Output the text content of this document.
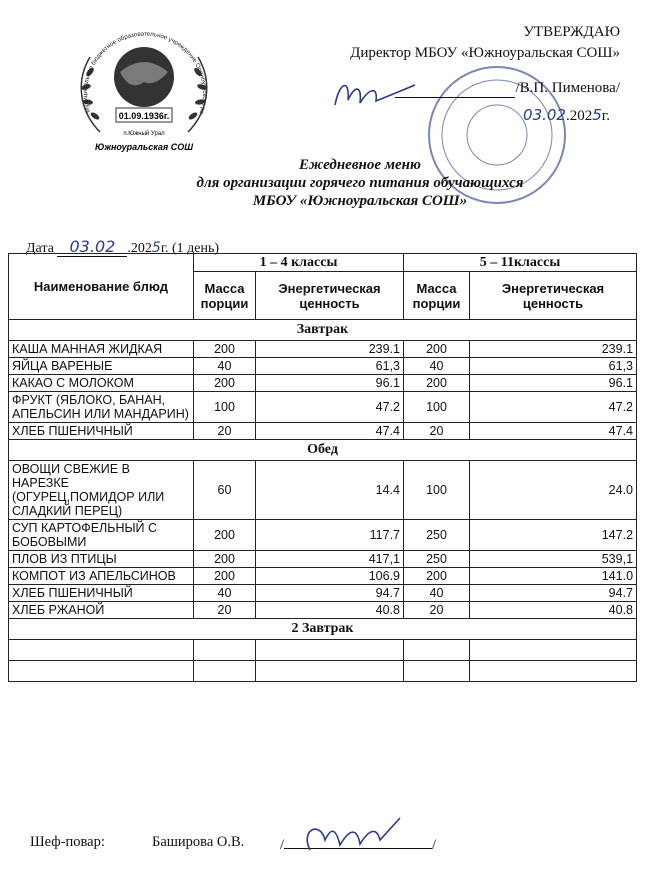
01.09.1936г.
п.Южный Урал
Южноуральская СОШ
Муниципальное бюджетное образовательное учреждение Оренбургского ра
УТВЕРЖДАЮ
Директор МБОУ «Южноуральская СОШ»
/В.П. Пименова/
03.02.2025г.
Ежедневное меню
для организации горячего питания обучающихся
МБОУ «Южноуральская СОШ»
Дата 03.02 .2025г. (1 день)
Наименование блюд	1 – 4 классы		5 – 11классы	
	Масса порции	Энергетическая ценность	Масса порции	Энергетическая ценность
Завтрак				
КАША МАННАЯ ЖИДКАЯ	200	239.1	200	239.1
ЯЙЦА ВАРЕНЫЕ	40	61,3	40	61,3
КАКАО С МОЛОКОМ	200	96.1	200	96.1
ФРУКТ (ЯБЛОКО, БАНАН, АПЕЛЬСИН ИЛИ МАНДАРИН)	100	47.2	100	47.2
ХЛЕБ ПШЕНИЧНЫЙ	20	47.4	20	47.4
Обед				
ОВОЩИ СВЕЖИЕ В НАРЕЗКЕ (ОГУРЕЦ,ПОМИДОР ИЛИ СЛАДКИЙ ПЕРЕЦ)	60	14.4	100	24.0
СУП КАРТОФЕЛЬНЫЙ С БОБОВЫМИ	200	117.7	250	147.2
ПЛОВ ИЗ ПТИЦЫ	200	417,1	250	539,1
КОМПОТ ИЗ АПЕЛЬСИНОВ	200	106.9	200	141.0
ХЛЕБ ПШЕНИЧНЫЙ	40	94.7	40	94.7
ХЛЕБ РЖАНОЙ	20	40.8	20	40.8
2 Завтрак				

Шеф-повар:	Баширова О.В. /	/
